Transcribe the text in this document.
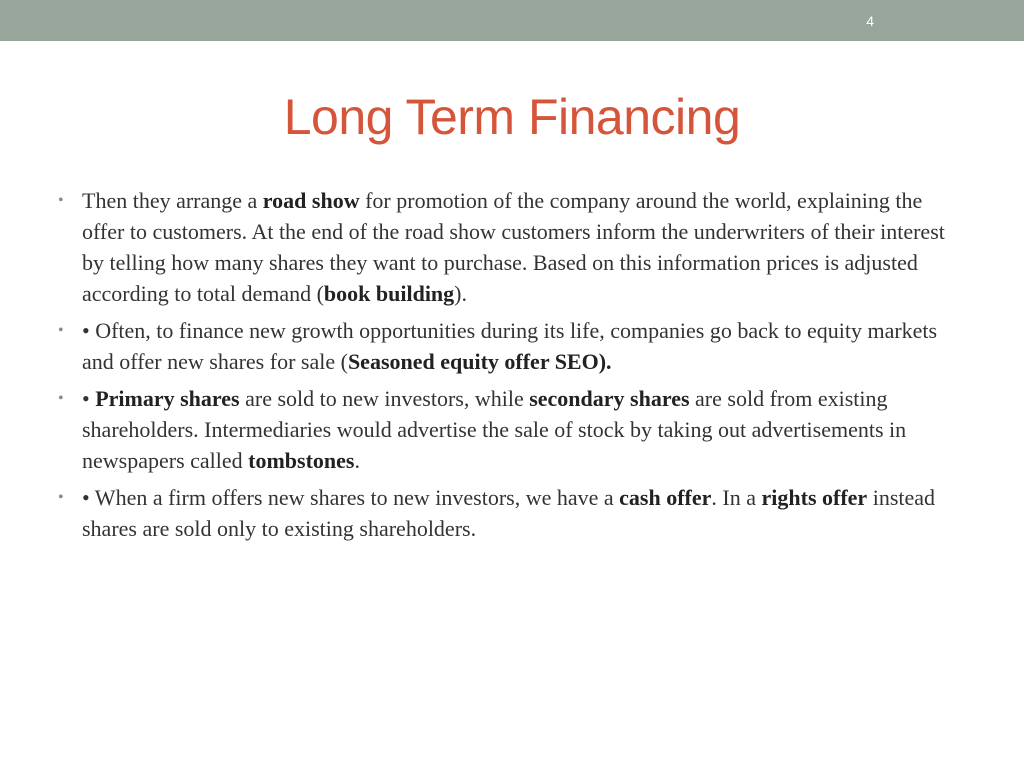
4
Long Term Financing
• Then they arrange a road show for promotion of the company around the world, explaining the offer to customers. At the end of the road show customers inform the underwriters of their interest by telling how many shares they want to purchase. Based on this information prices is adjusted according to total demand (book building).
• • Often, to finance new growth opportunities during its life, companies go back to equity markets and offer new shares for sale (Seasoned equity offer SEO).
• • Primary shares are sold to new investors, while secondary shares are sold from existing shareholders. Intermediaries would advertise the sale of stock by taking out advertisements in newspapers called tombstones.
• • When a firm offers new shares to new investors, we have a cash offer. In a rights offer instead shares are sold only to existing shareholders.
